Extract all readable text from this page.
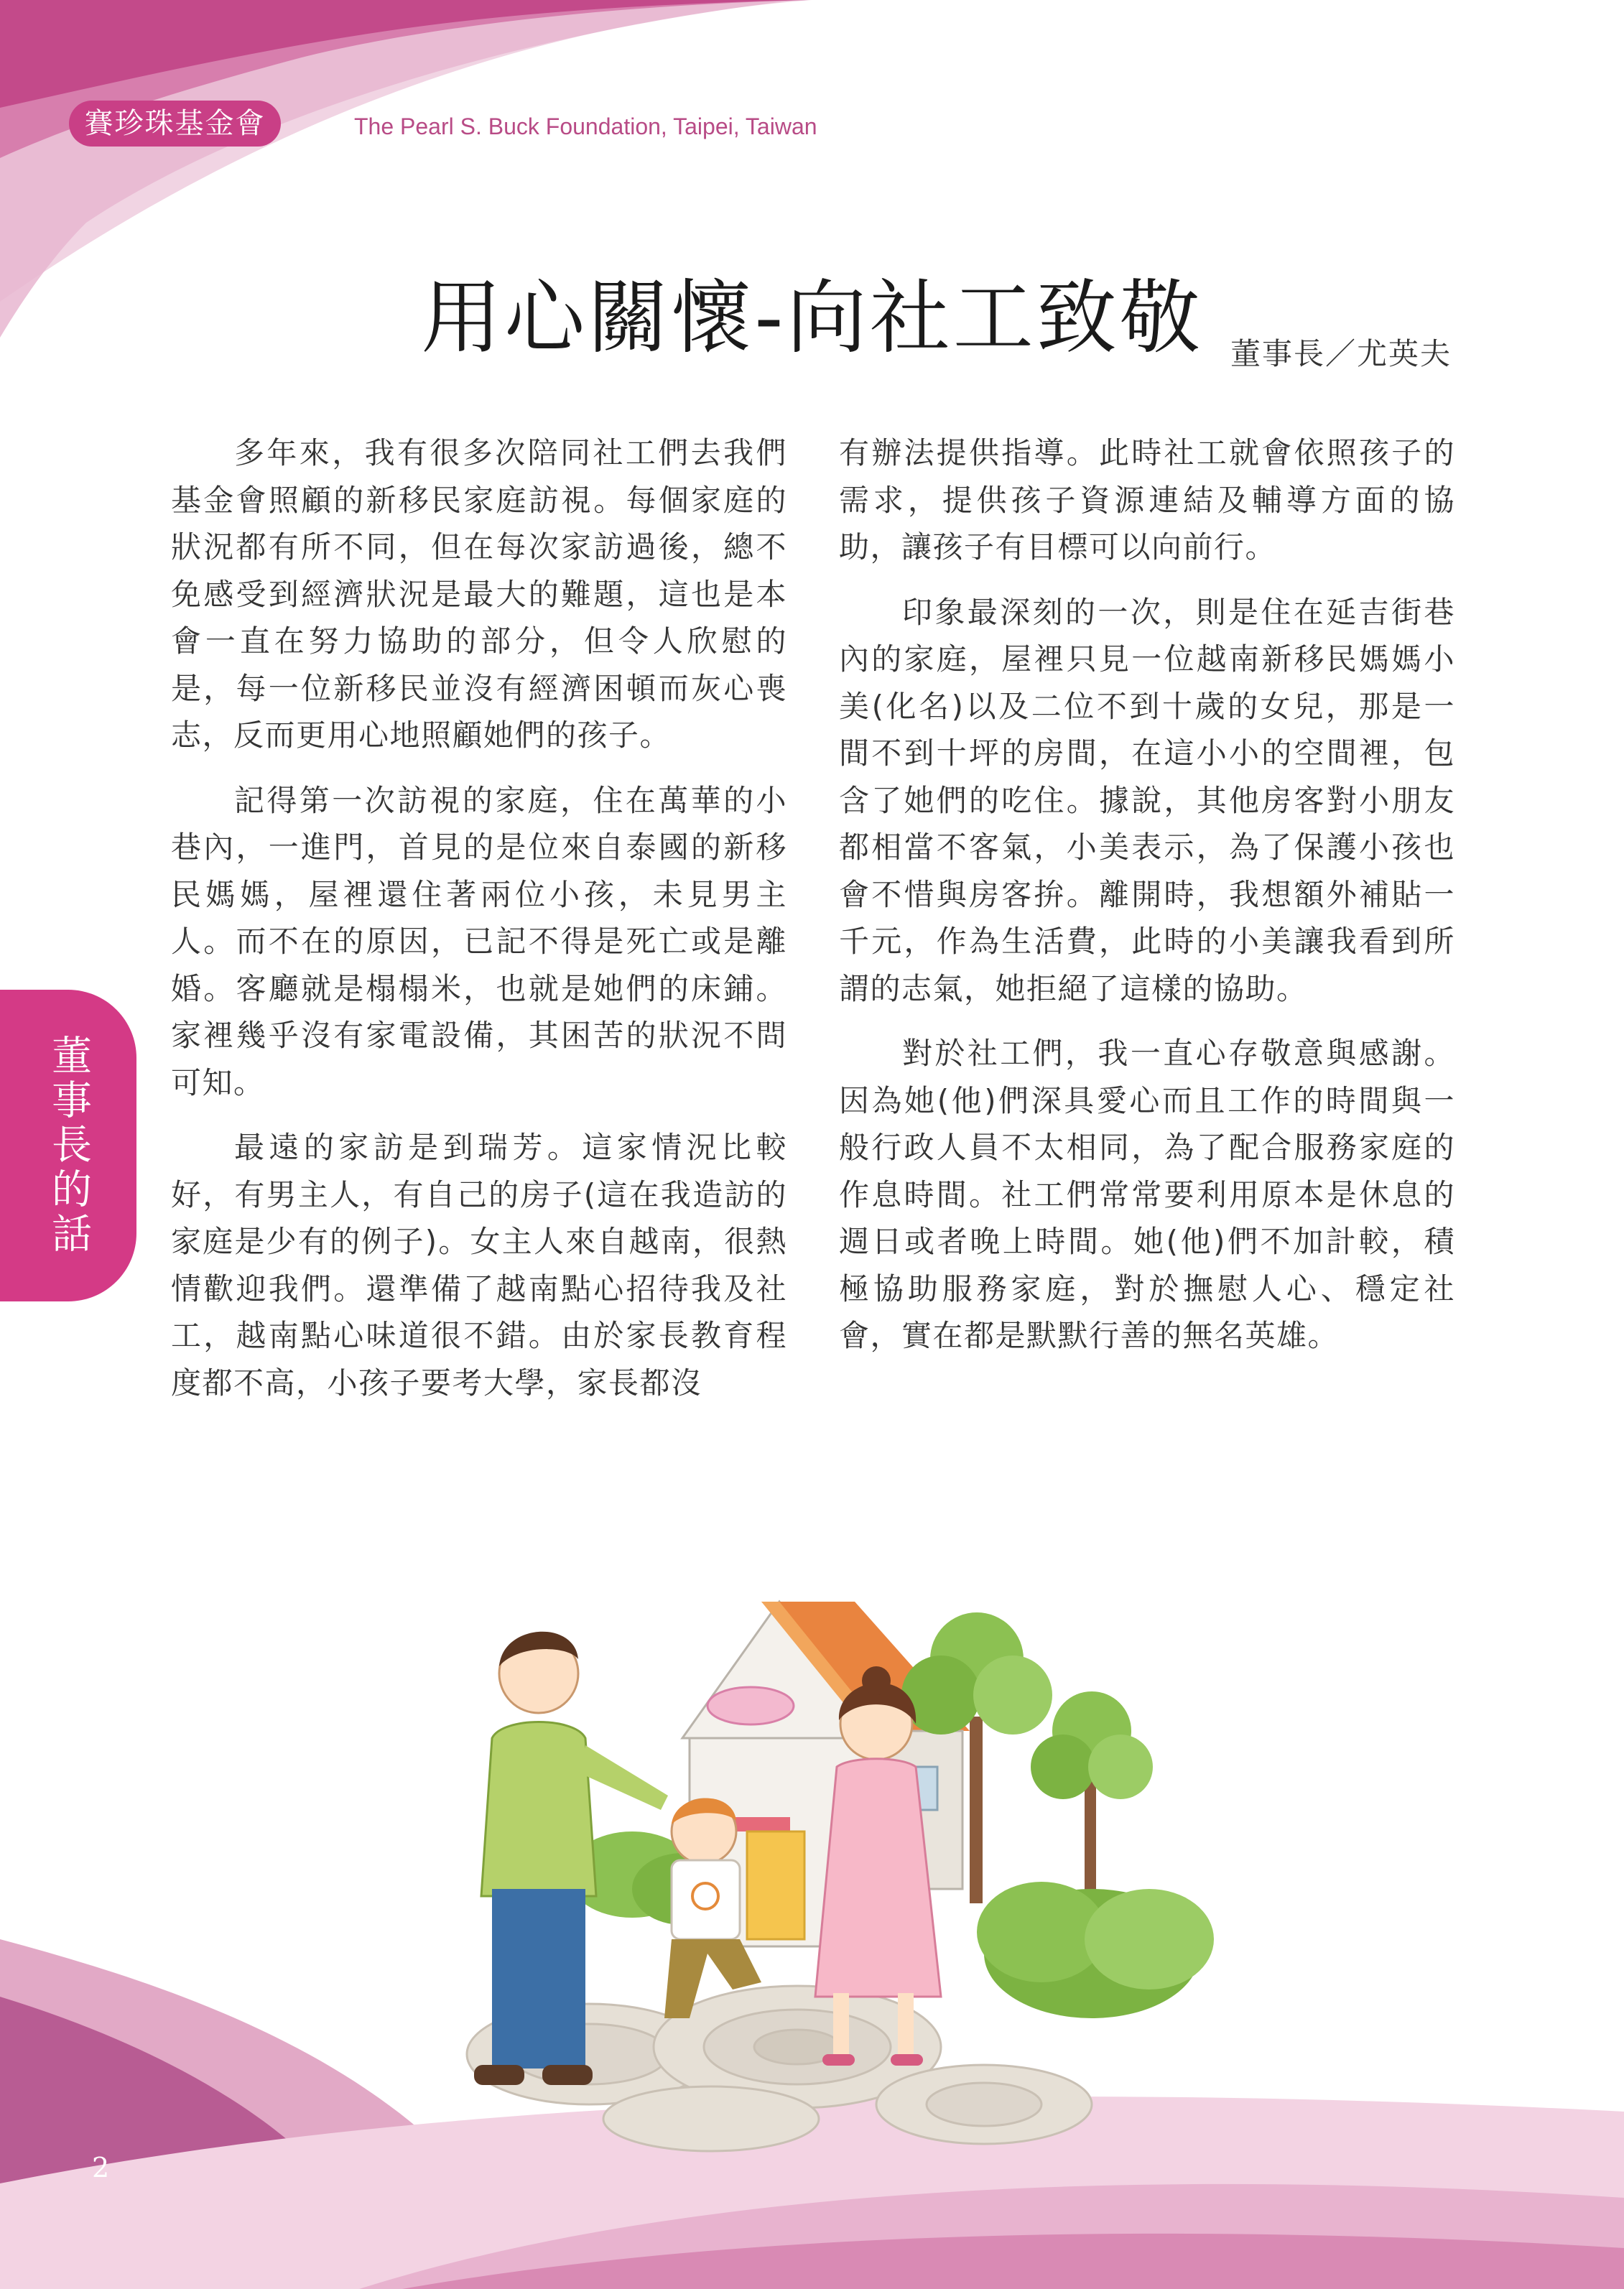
賽珍珠基金會	The Pearl S. Buck Foundation, Taipei, Taiwan
用心關懷-向社工致敬 董事長／尤英夫

多年來，我有很多次陪同社工們去我們基金會照顧的新移民家庭訪視。每個家庭的狀況都有所不同，但在每次家訪過後，總不免感受到經濟狀況是最大的難題，這也是本會一直在努力協助的部分，但令人欣慰的是，每一位新移民並沒有經濟困頓而灰心喪志，反而更用心地照顧她們的孩子。

記得第一次訪視的家庭，住在萬華的小巷內，一進門，首見的是位來自泰國的新移民媽媽，屋裡還住著兩位小孩，未見男主人。而不在的原因，已記不得是死亡或是離婚。客廳就是榻榻米，也就是她們的床鋪。家裡幾乎沒有家電設備，其困苦的狀況不問可知。

最遠的家訪是到瑞芳。這家情況比較好，有男主人，有自己的房子(這在我造訪的家庭是少有的例子)。女主人來自越南，很熱情歡迎我們。還準備了越南點心招待我及社工，越南點心味道很不錯。由於家長教育程度都不高，小孩子要考大學，家長都沒

有辦法提供指導。此時社工就會依照孩子的需求，提供孩子資源連結及輔導方面的協助，讓孩子有目標可以向前行。

印象最深刻的一次，則是住在延吉街巷內的家庭，屋裡只見一位越南新移民媽媽小美(化名)以及二位不到十歲的女兒，那是一間不到十坪的房間，在這小小的空間裡，包含了她們的吃住。據說，其他房客對小朋友都相當不客氣，小美表示，為了保護小孩也會不惜與房客拚。離開時，我想額外補貼一千元，作為生活費，此時的小美讓我看到所謂的志氣，她拒絕了這樣的協助。

對於社工們，我一直心存敬意與感謝。因為她(他)們深具愛心而且工作的時間與一般行政人員不太相同，為了配合服務家庭的作息時間。社工們常常要利用原本是休息的週日或者晚上時間。她(他)們不加計較，積極協助服務家庭，對於撫慰人心、穩定社會，實在都是默默行善的無名英雄。

董事長的話
2
